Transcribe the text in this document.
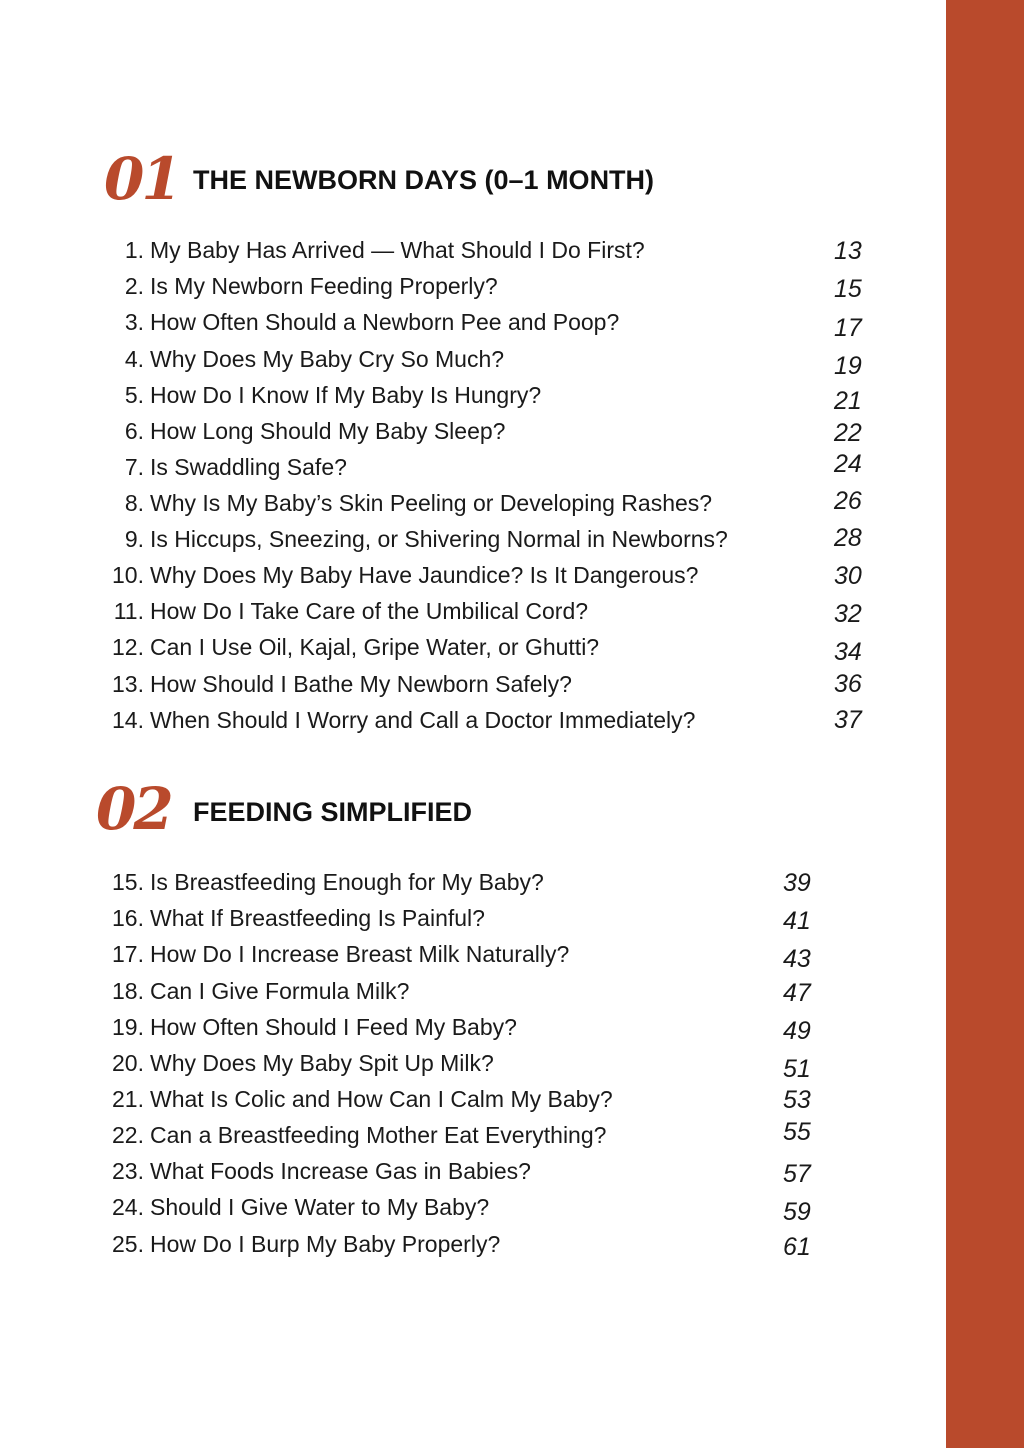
01 THE NEWBORN DAYS (0–1 MONTH)
1. My Baby Has Arrived — What Should I Do First?	13
2. Is My Newborn Feeding Properly?	15
3. How Often Should a Newborn Pee and Poop?	17
4. Why Does My Baby Cry So Much?	19
5. How Do I Know If My Baby Is Hungry?	21
6. How Long Should My Baby Sleep?	22
7. Is Swaddling Safe?	24
8. Why Is My Baby’s Skin Peeling or Developing Rashes?	26
9. Is Hiccups, Sneezing, or Shivering Normal in Newborns?	28
10. Why Does My Baby Have Jaundice? Is It Dangerous?	30
11. How Do I Take Care of the Umbilical Cord?	32
12. Can I Use Oil, Kajal, Gripe Water, or Ghutti?	34
13. How Should I Bathe My Newborn Safely?	36
14. When Should I Worry and Call a Doctor Immediately?	37
02 FEEDING SIMPLIFIED
15. Is Breastfeeding Enough for My Baby?	39
16. What If Breastfeeding Is Painful?	41
17. How Do I Increase Breast Milk Naturally?	43
18. Can I Give Formula Milk?	47
19. How Often Should I Feed My Baby?	49
20. Why Does My Baby Spit Up Milk?	51
21. What Is Colic and How Can I Calm My Baby?	53
22. Can a Breastfeeding Mother Eat Everything?	55
23. What Foods Increase Gas in Babies?	57
24. Should I Give Water to My Baby?	59
25. How Do I Burp My Baby Properly?	61
